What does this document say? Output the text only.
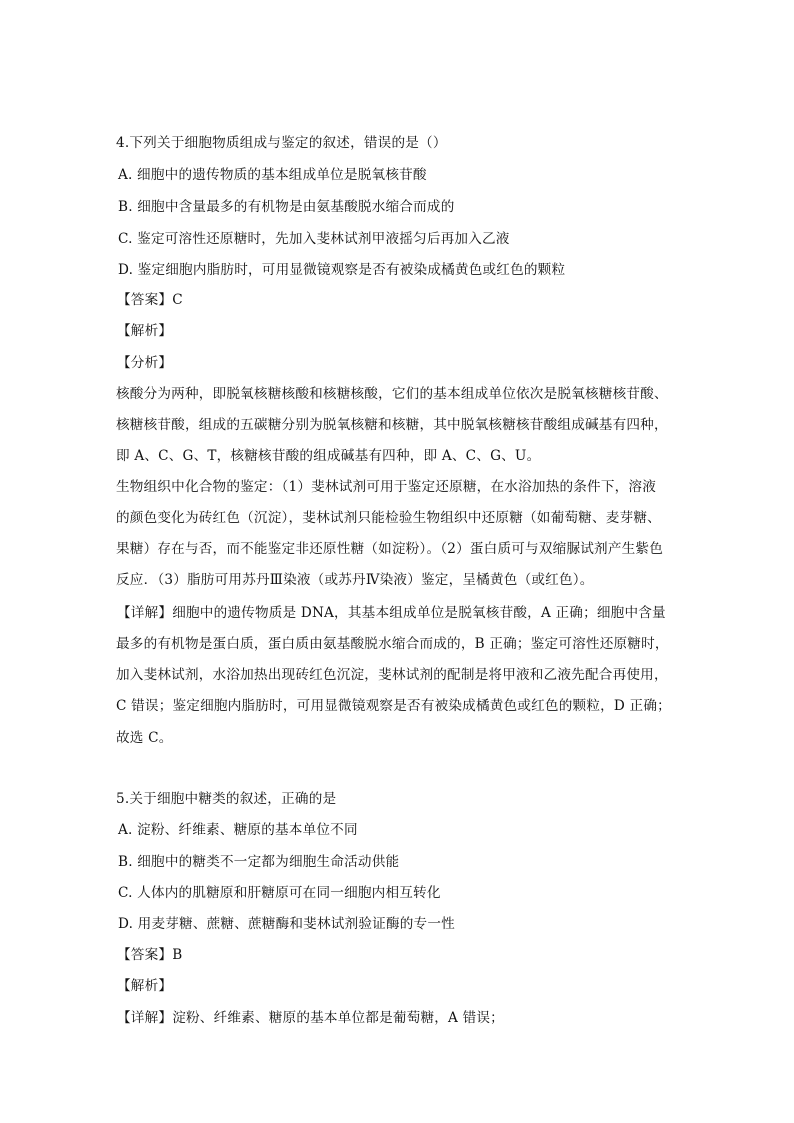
4.下列关于细胞物质组成与鉴定的叙述，错误的是（）
A. 细胞中的遗传物质的基本组成单位是脱氧核苷酸
B. 细胞中含量最多的有机物是由氨基酸脱水缩合而成的
C. 鉴定可溶性还原糖时，先加入斐林试剂甲液摇匀后再加入乙液
D. 鉴定细胞内脂肪时，可用显微镜观察是否有被染成橘黄色或红色的颗粒
【答案】C
【解析】
【分析】
核酸分为两种，即脱氧核糖核酸和核糖核酸，它们的基本组成单位依次是脱氧核糖核苷酸、
核糖核苷酸，组成的五碳糖分别为脱氧核糖和核糖，其中脱氧核糖核苷酸组成碱基有四种，
即 A、C、G、T，核糖核苷酸的组成碱基有四种，即 A、C、G、U。
生物组织中化合物的鉴定：（1）斐林试剂可用于鉴定还原糖，在水浴加热的条件下，溶液
的颜色变化为砖红色（沉淀），斐林试剂只能检验生物组织中还原糖（如葡萄糖、麦芽糖、
果糖）存在与否，而不能鉴定非还原性糖（如淀粉）。（2）蛋白质可与双缩脲试剂产生紫色
反应．（3）脂肪可用苏丹Ⅲ染液（或苏丹Ⅳ染液）鉴定，呈橘黄色（或红色）。
【详解】细胞中的遗传物质是 DNA，其基本组成单位是脱氧核苷酸，A 正确；细胞中含量
最多的有机物是蛋白质，蛋白质由氨基酸脱水缩合而成的，B 正确；鉴定可溶性还原糖时，
加入斐林试剂，水浴加热出现砖红色沉淀，斐林试剂的配制是将甲液和乙液先配合再使用，
C 错误；鉴定细胞内脂肪时，可用显微镜观察是否有被染成橘黄色或红色的颗粒，D 正确；
故选 C。
5.关于细胞中糖类的叙述，正确的是
A. 淀粉、纤维素、糖原的基本单位不同
B. 细胞中的糖类不一定都为细胞生命活动供能
C. 人体内的肌糖原和肝糖原可在同一细胞内相互转化
D. 用麦芽糖、蔗糖、蔗糖酶和斐林试剂验证酶的专一性
【答案】B
【解析】
【详解】淀粉、纤维素、糖原的基本单位都是葡萄糖，A 错误；
